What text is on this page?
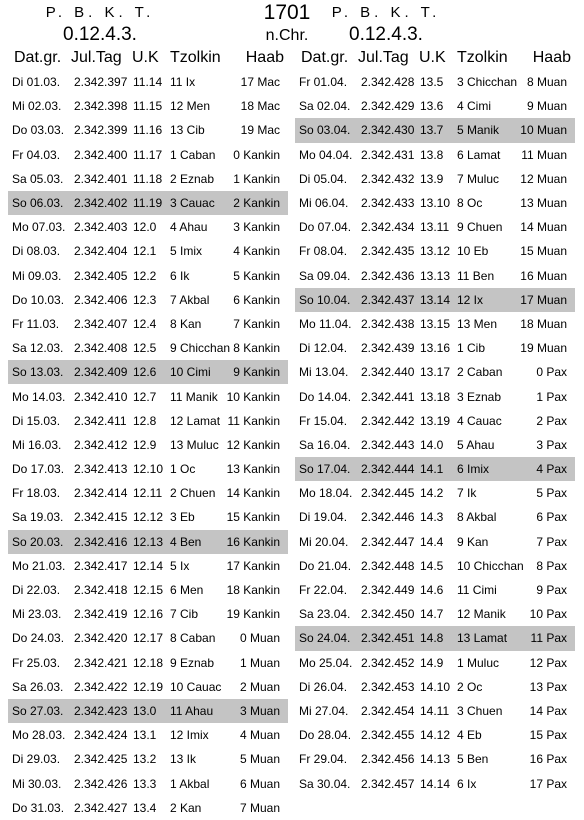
P. B. K. T.
0.12.4.3.
1701
n.Chr.
P. B. K. T.
0.12.4.3.
Dat.gr. Jul.Tag U.K Tzolkin Haab
Di 01.03. 2.342.397 11.14 11 Ix	17 Mac
Mi 02.03. 2.342.398 11.15 12 Men	18 Mac
Do 03.03. 2.342.399 11.16 13 Cib	19 Mac
Fr 04.03. 2.342.400 11.17 1 Caban 0 Kankin
Sa 05.03. 2.342.401 11.18 2 Eznab 1 Kankin
So 06.03. 2.342.402 11.19 3 Cauac 2 Kankin
Mo 07.03. 2.342.403 12.0 4 Ahau 3 Kankin
Di 08.03. 2.342.404 12.1 5 Imix	4 Kankin
Mi 09.03. 2.342.405 12.2 6 Ik	5 Kankin
Do 10.03. 2.342.406 12.3 7 Akbal 6 Kankin
Fr 11.03. 2.342.407 12.4 8 Kan	7 Kankin
Sa 12.03. 2.342.408 12.5 9 Chicchan 8 Kankin
So 13.03. 2.342.409 12.6 10 Cimi 9 Kankin
Mo 14.03. 2.342.410 12.7 11 Manik 10 Kankin
Di 15.03. 2.342.411 12.8 12 Lamat 11 Kankin
Mi 16.03. 2.342.412 12.9 13 Muluc 12 Kankin
Do 17.03. 2.342.413 12.10 1 Oc	13 Kankin
Fr 18.03. 2.342.414 12.11 2 Chuen 14 Kankin
Sa 19.03. 2.342.415 12.12 3 Eb	15 Kankin
So 20.03. 2.342.416 12.13 4 Ben 16 Kankin
Mo 21.03. 2.342.417 12.14 5 Ix	17 Kankin
Di 22.03. 2.342.418 12.15 6 Men 18 Kankin
Mi 23.03. 2.342.419 12.16 7 Cib 19 Kankin
Do 24.03. 2.342.420 12.17 8 Caban 0 Muan
Fr 25.03. 2.342.421 12.18 9 Eznab 1 Muan
Sa 26.03. 2.342.422 12.19 10 Cauac 2 Muan
So 27.03. 2.342.423 13.0 11 Ahau 3 Muan
Mo 28.03. 2.342.424 13.1 12 Imix	4 Muan
Di 29.03. 2.342.425 13.2 13 Ik	5 Muan
Mi 30.03. 2.342.426 13.3 1 Akbal	6 Muan
Do 31.03. 2.342.427 13.4 2 Kan	7 Muan
Dat.gr. Jul.Tag U.K Tzolkin Haab
Fr 01.04. 2.342.428 13.5 3 Chicchan 8 Muan
Sa 02.04. 2.342.429 13.6 4 Cimi	9 Muan
So 03.04. 2.342.430 13.7 5 Manik 10 Muan
Mo 04.04. 2.342.431 13.8 6 Lamat 11 Muan
Di 05.04. 2.342.432 13.9 7 Muluc 12 Muan
Mi 06.04. 2.342.433 13.10 8 Oc	13 Muan
Do 07.04. 2.342.434 13.11 9 Chuen 14 Muan
Fr 08.04. 2.342.435 13.12 10 Eb	15 Muan
Sa 09.04. 2.342.436 13.13 11 Ben 16 Muan
So 10.04. 2.342.437 13.14 12 Ix	17 Muan
Mo 11.04. 2.342.438 13.15 13 Men 18 Muan
Di 12.04. 2.342.439 13.16 1 Cib	19 Muan
Mi 13.04. 2.342.440 13.17 2 Caban	0 Pax
Do 14.04. 2.342.441 13.18 3 Eznab	1 Pax
Fr 15.04. 2.342.442 13.19 4 Cauac	2 Pax
Sa 16.04. 2.342.443 14.0 5 Ahau	3 Pax
So 17.04. 2.342.444 14.1 6 Imix	4 Pax
Mo 18.04. 2.342.445 14.2 7 Ik	5 Pax
Di 19.04. 2.342.446 14.3 8 Akbal	6 Pax
Mi 20.04. 2.342.447 14.4 9 Kan	7 Pax
Do 21.04. 2.342.448 14.5 10 Chicchan 8 Pax
Fr 22.04. 2.342.449 14.6 11 Cimi	9 Pax
Sa 23.04. 2.342.450 14.7 12 Manik 10 Pax
So 24.04. 2.342.451 14.8 13 Lamat 11 Pax
Mo 25.04. 2.342.452 14.9 1 Muluc	12 Pax
Di 26.04. 2.342.453 14.10 2 Oc	13 Pax
Mi 27.04. 2.342.454 14.11 3 Chuen 14 Pax
Do 28.04. 2.342.455 14.12 4 Eb	15 Pax
Fr 29.04. 2.342.456 14.13 5 Ben	16 Pax
Sa 30.04. 2.342.457 14.14 6 Ix	17 Pax
